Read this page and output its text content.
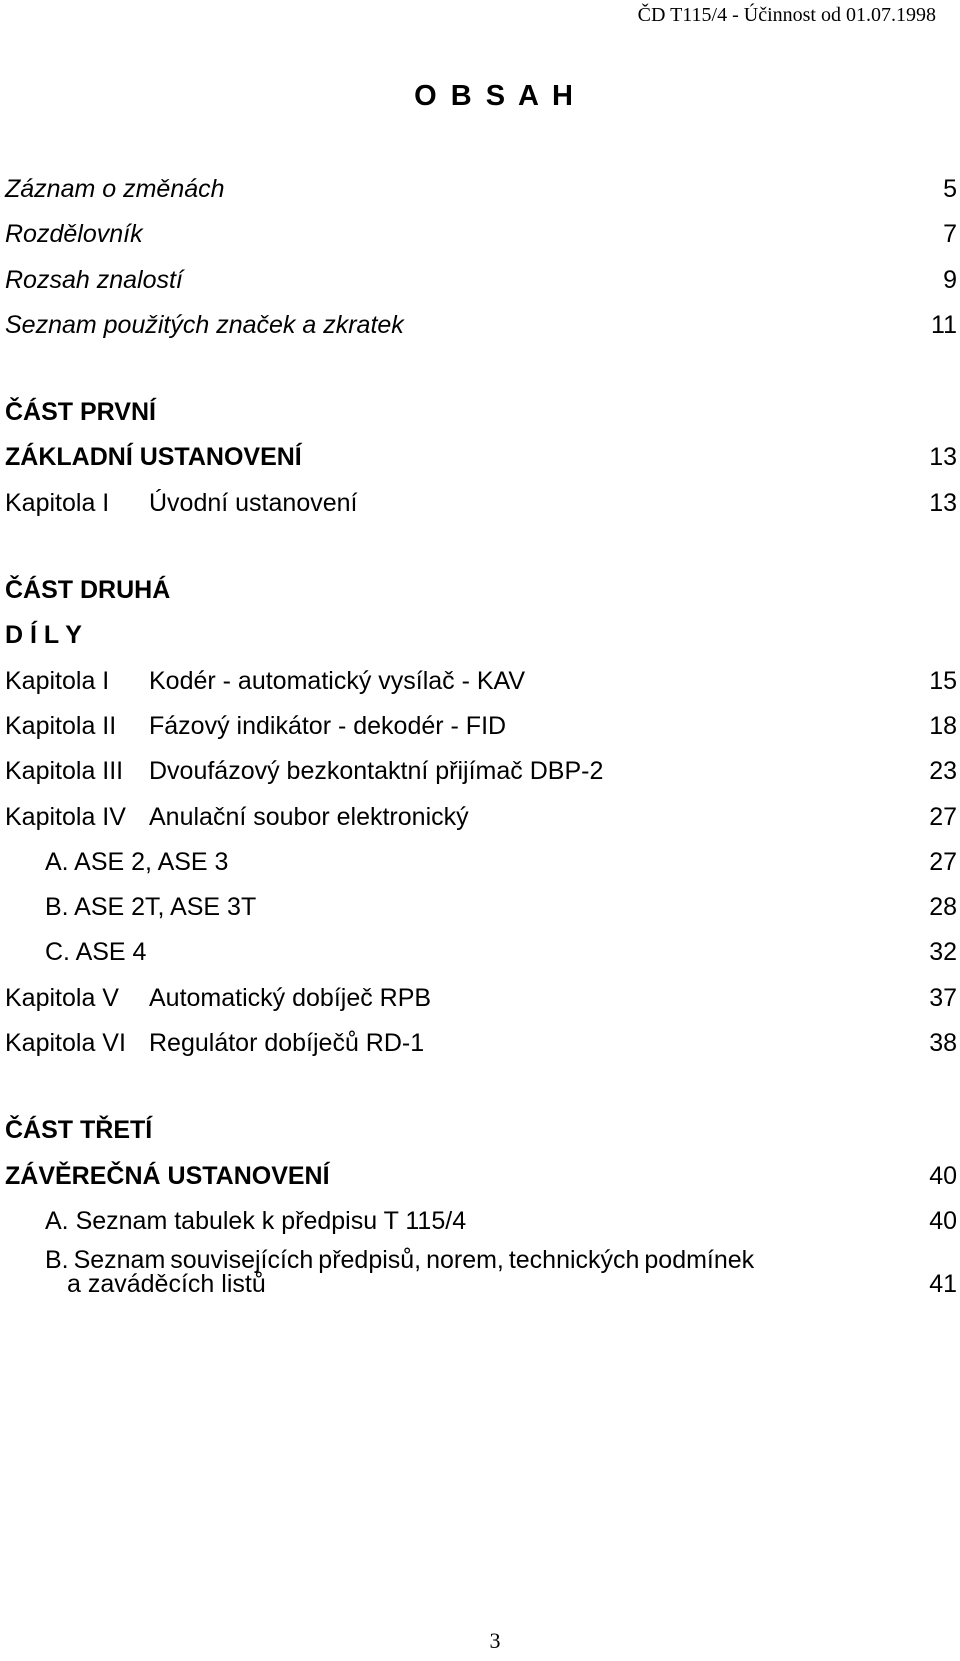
ČD T115/4 - Účinnost od 01.07.1998
O B S A H
Záznam o změnách	5
Rozdělovník	7
Rozsah znalostí	9
Seznam použitých značek a zkratek	11
ČÁST PRVNÍ
ZÁKLADNÍ USTANOVENÍ	13
Kapitola I Úvodní ustanovení	13
ČÁST DRUHÁ
D Í L Y
Kapitola I Kodér - automatický vysílač - KAV	15
Kapitola II Fázový indikátor - dekodér - FID	18
Kapitola III Dvoufázový bezkontaktní přijímač DBP-2	23
Kapitola IV Anulační soubor elektronický	27
A. ASE 2, ASE 3	27
B. ASE 2T, ASE 3T	28
C. ASE 4	32
Kapitola V Automatický dobíječ RPB	37
Kapitola VI Regulátor dobíječů RD-1	38
ČÁST TŘETÍ
ZÁVĚREČNÁ USTANOVENÍ	40
A. Seznam tabulek k předpisu T 115/4	40
B. Seznam souvisejících předpisů, norem, technických podmínek
a zaváděcích listů	41
3
